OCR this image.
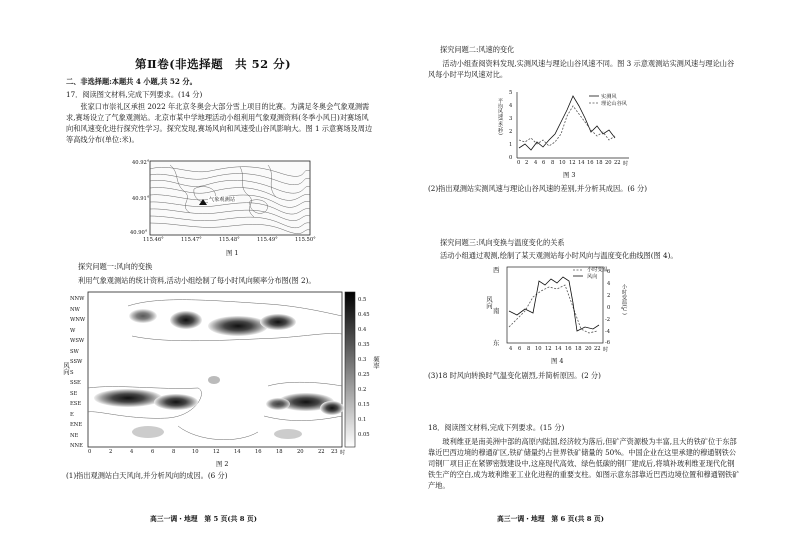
第Ⅱ卷(非选择题　共 52 分)
二、非选择题:本题共 4 小题,共 52 分。
17．阅读图文材料,完成下列要求。(14 分)
张家口市崇礼区承担 2022 年北京冬奥会大部分雪上项目的比赛。为满足冬奥会气象观测需求,赛场设立了气象观测站。北京市某中学地理活动小组利用气象观测资料(冬季小风日)对赛场风向和风速变化进行探究性学习。探究发现,赛场风向和风速受山谷风影响大。图 1 示意赛场及周边等高线分布(单位:米)。
40.92°
40.91°
40.90°
气象观测站
115.46°	115.47°	115.48°	115.49°	115.50°
图 1
探究问题一:风向的变换
利用气象观测站的统计资料,活动小组绘制了每小时风向频率分布图(图 2)。
风向
NNW
NW
WNW
W
WSW
SW
SSW
S
SSE
SE
ESE
E
ENE
NE
NNE
0.5
0.45
0.4
0.35
0.3
0.25
0.2
0.15
0.1
0.05
频率
0	2	4	6	8	10	12	14	16	18	20	22 23 时
图 2
(1)指出观测站白天风向,并分析风向的成因。(6 分)
高三一调・地理　第 5 页(共 8 页)
探究问题二:风速的变化
活动小组查阅资料发现,实测风速与理论山谷风速不同。图 3 示意观测站实测风速与理论山谷风每小时平均风速对比。
平均风速(米/秒)
5
4
3
2
1
0
实测风
理论山谷风
0 2 4 6 8 10 12 14 16 18 20 22 时
图 3
(2)指出观测站实测风速与理论山谷风速的差别,并分析其成因。(6 分)
探究问题三:风向变换与温度变化的关系
活动小组通过观测,绘制了某天观测站每小时风向与温度变化曲线图(图 4)。
西
风向
南
东
6
4
2
0
-2
-4
-6
小时变温(℃)
小时变温
风向
4 6 8 10 12 14 16 18 20 22 时
图 4
(3)18 时风向转换时气温变化剧烈,并简析原因。(2 分)
18．阅读图文材料,完成下列要求。(15 分)
玻利维亚是南美洲中部的高原内陆国,经济较为落后,但矿产资源极为丰富,且大的铁矿位于东部靠近巴西边境的穆通矿区,铁矿储量约占世界铁矿储量的 50%。中国企业在这里承建的穆通钢铁公司钢厂项目正在紧锣密鼓建设中,这座现代高效、绿色低碳的钢厂建成后,将填补玻利维亚现代化钢铁生产的空白,成为玻利维亚工业化进程的重要支柱。如图示意东部靠近巴西边境位置和穆通钢铁矿产地。
高三一调・地理　第 6 页(共 8 页)
